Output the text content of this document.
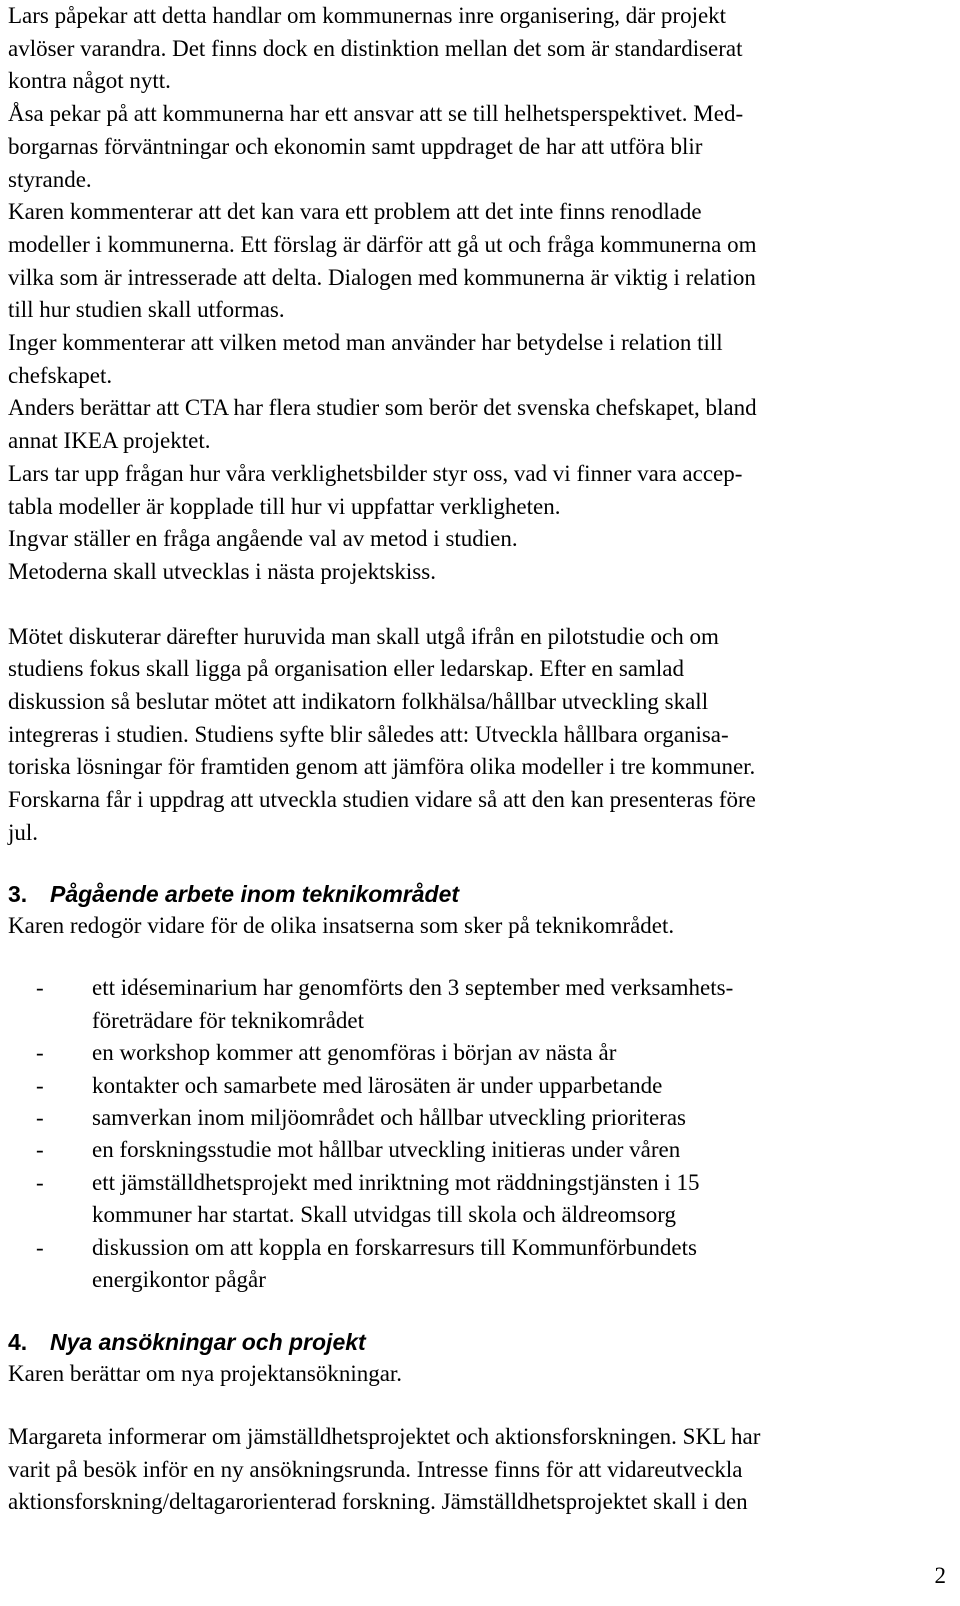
Lars påpekar att detta handlar om kommunernas inre organisering, där projekt

avlöser varandra. Det finns dock en distinktion mellan det som är standardiserat

kontra något nytt.

Åsa pekar på att kommunerna har ett ansvar att se till helhetsperspektivet. Med-

borgarnas förväntningar och ekonomin samt uppdraget de har att utföra blir

styrande.

Karen kommenterar att det kan vara ett problem att det inte finns renodlade

modeller i kommunerna. Ett förslag är därför att gå ut och fråga kommunerna om

vilka som är intresserade att delta. Dialogen med kommunerna är viktig i relation

till hur studien skall utformas.

Inger kommenterar att vilken metod man använder har betydelse i relation till

chefskapet.

Anders berättar att CTA har flera studier som berör det svenska chefskapet, bland

annat IKEA projektet.

Lars tar upp frågan hur våra verklighetsbilder styr oss, vad vi finner vara accep-

tabla modeller är kopplade till hur vi uppfattar verkligheten.

Ingvar ställer en fråga angående val av metod i studien.

Metoderna skall utvecklas i nästa projektskiss.

Mötet diskuterar därefter huruvida man skall utgå ifrån en pilotstudie och om

studiens fokus skall ligga på organisation eller ledarskap. Efter en samlad

diskussion så beslutar mötet att indikatorn folkhälsa/hållbar utveckling skall

integreras i studien. Studiens syfte blir således att: Utveckla hållbara organisa-

toriska lösningar för framtiden genom att jämföra olika modeller i tre kommuner.

Forskarna får i uppdrag att utveckla studien vidare så att den kan presenteras före

jul.

3. Pågående arbete inom teknikområdet

Karen redogör vidare för de olika insatserna som sker på teknikområdet.

- ett idéseminarium har genomförts den 3 september med verksamhets-
företrädare för teknikområdet
- en workshop kommer att genomföras i början av nästa år
- kontakter och samarbete med lärosäten är under upparbetande
- samverkan inom miljöområdet och hållbar utveckling prioriteras
- en forskningsstudie mot hållbar utveckling initieras under våren
- ett jämställdhetsprojekt med inriktning mot räddningstjänsten i 15
kommuner har startat. Skall utvidgas till skola och äldreomsorg
- diskussion om att koppla en forskarresurs till Kommunförbundets
energikontor pågår
4. Nya ansökningar och projekt

Karen berättar om nya projektansökningar.

Margareta informerar om jämställdhetsprojektet och aktionsforskningen. SKL har

varit på besök inför en ny ansökningsrunda. Intresse finns för att vidareutveckla

aktionsforskning/deltagarorienterad forskning. Jämställdhetsprojektet skall i den

2
